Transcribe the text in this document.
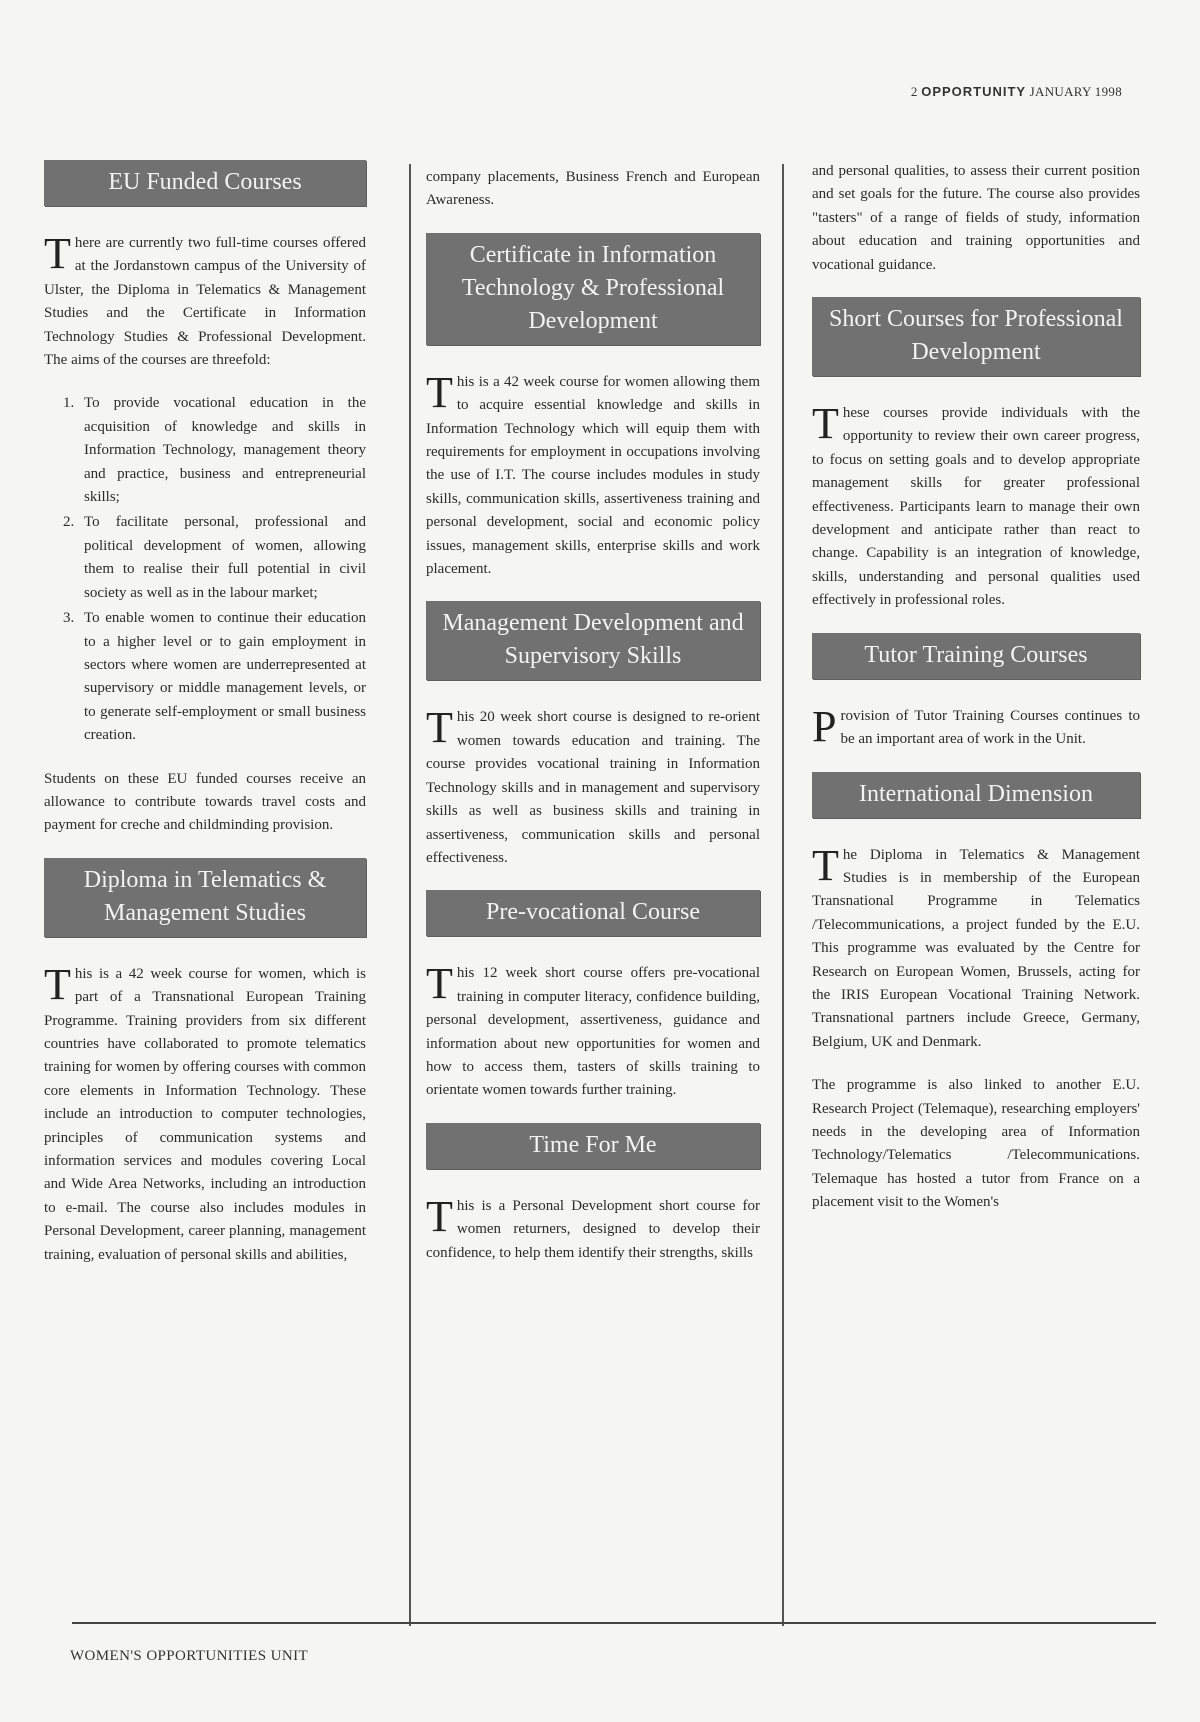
2 OPPORTUNITY JANUARY 1998
EU Funded Courses

There are currently two full-time courses offered at the Jordanstown campus of the University of Ulster, the Diploma in Telematics & Management Studies and the Certificate in Information Technology Studies & Professional Development. The aims of the courses are threefold:

1. To provide vocational education in the acquisition of knowledge and skills in Information Technology, management theory and practice, business and entrepreneurial skills;
2. To facilitate personal, professional and political development of women, allowing them to realise their full potential in civil society as well as in the labour market;
3. To enable women to continue their education to a higher level or to gain employment in sectors where women are underrepresented at supervisory or middle management levels, or to generate self-employment or small business creation.

Students on these EU funded courses receive an allowance to contribute towards travel costs and payment for creche and childminding provision.

Diploma in Telematics & Management Studies

This is a 42 week course for women, which is part of a Transnational European Training Programme. Training providers from six different countries have collaborated to promote telematics training for women by offering courses with common core elements in Information Technology. These include an introduction to computer technologies, principles of communication systems and information services and modules covering Local and Wide Area Networks, including an introduction to e-mail. The course also includes modules in Personal Development, career planning, management training, evaluation of personal skills and abilities,

company placements, Business French and European Awareness.

Certificate in Information Technology & Professional Development

This is a 42 week course for women allowing them to acquire essential knowledge and skills in Information Technology which will equip them with requirements for employment in occupations involving the use of I.T. The course includes modules in study skills, communication skills, assertiveness training and personal development, social and economic policy issues, management skills, enterprise skills and work placement.

Management Development and Supervisory Skills

This 20 week short course is designed to re-orient women towards education and training. The course provides vocational training in Information Technology skills and in management and supervisory skills as well as business skills and training in assertiveness, communication skills and personal effectiveness.

Pre-vocational Course

This 12 week short course offers pre-vocational training in computer literacy, confidence building, personal development, assertiveness, guidance and information about new opportunities for women and how to access them, tasters of skills training to orientate women towards further training.

Time For Me

This is a Personal Development short course for women returners, designed to develop their confidence, to help them identify their strengths, skills

and personal qualities, to assess their current position and set goals for the future. The course also provides "tasters" of a range of fields of study, information about education and training opportunities and vocational guidance.

Short Courses for Professional Development

These courses provide individuals with the opportunity to review their own career progress, to focus on setting goals and to develop appropriate management skills for greater professional effectiveness. Participants learn to manage their own development and anticipate rather than react to change. Capability is an integration of knowledge, skills, understanding and personal qualities used effectively in professional roles.

Tutor Training Courses

Provision of Tutor Training Courses continues to be an important area of work in the Unit.

International Dimension

The Diploma in Telematics & Management Studies is in membership of the European Transnational Programme in Telematics /Telecommunications, a project funded by the E.U. This programme was evaluated by the Centre for Research on European Women, Brussels, acting for the IRIS European Vocational Training Network. Transnational partners include Greece, Germany, Belgium, UK and Denmark.

The programme is also linked to another E.U. Research Project (Telemaque), researching employers' needs in the developing area of Information Technology/Telematics /Telecommunications. Telemaque has hosted a tutor from France on a placement visit to the Women's

WOMEN'S OPPORTUNITIES UNIT
